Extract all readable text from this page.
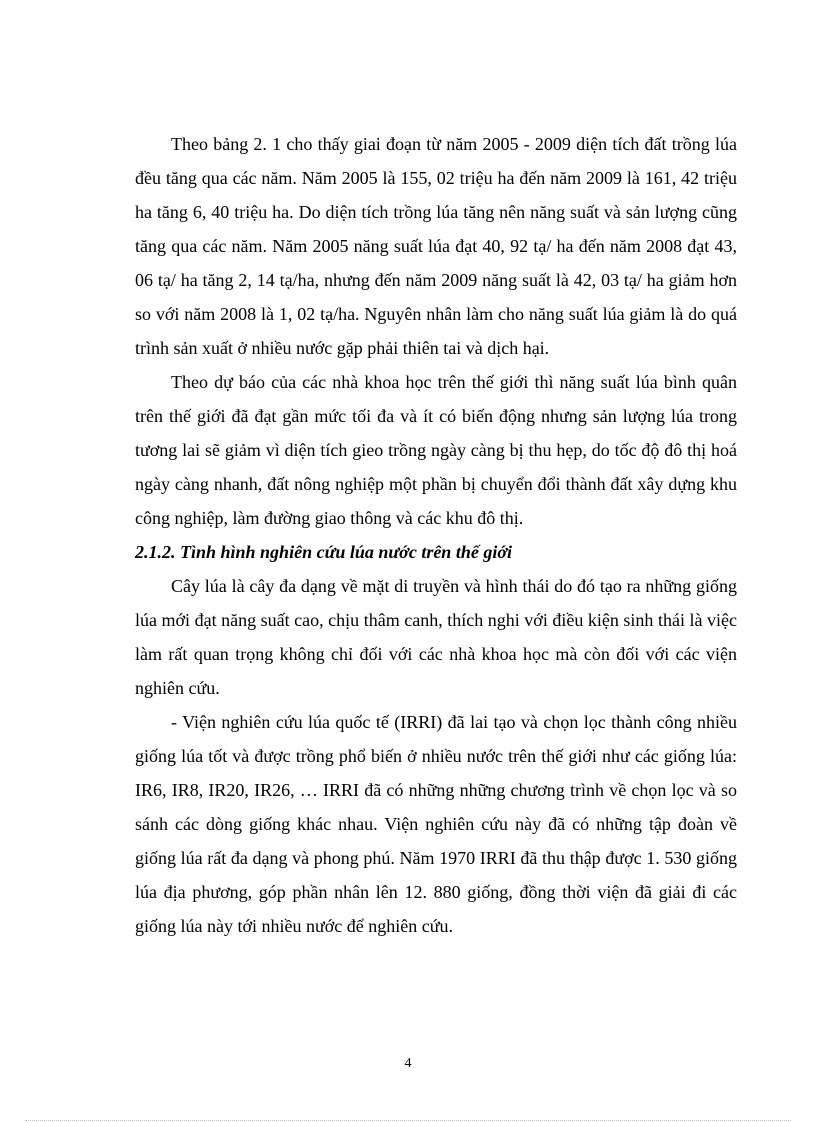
Theo bảng 2. 1 cho thấy giai đoạn từ năm 2005 - 2009 diện tích đất trồng lúa đều tăng qua các năm. Năm 2005 là 155, 02 triệu ha đến năm 2009 là 161, 42 triệu ha tăng 6, 40 triệu ha. Do diện tích trồng lúa tăng nên năng suất và sản lượng cũng tăng qua các năm. Năm 2005 năng suất lúa đạt 40, 92 tạ/ ha đến năm 2008 đạt 43, 06 tạ/ ha tăng 2, 14 tạ/ha, nhưng đến năm 2009 năng suất là 42, 03 tạ/ ha giảm hơn so với năm 2008 là 1, 02 tạ/ha. Nguyên nhân làm cho năng suất lúa giảm là do quá trình sản xuất ở nhiều nước gặp phải thiên tai và dịch hại.

Theo dự báo của các nhà khoa học trên thế giới thì năng suất lúa bình quân trên thế giới đã đạt gần mức tối đa và ít có biến động nhưng sản lượng lúa trong tương lai sẽ giảm vì diện tích gieo trồng ngày càng bị thu hẹp, do tốc độ đô thị hoá ngày càng nhanh, đất nông nghiệp một phần bị chuyển đổi thành đất xây dựng khu công nghiệp, làm đường giao thông và các khu đô thị.

2.1.2. Tình hình nghiên cứu lúa nước trên thế giới

Cây lúa là cây đa dạng về mặt di truyền và hình thái do đó tạo ra những giống lúa mới đạt năng suất cao, chịu thâm canh, thích nghi với điều kiện sinh thái là việc làm rất quan trọng không chỉ đối với các nhà khoa học mà còn đối với các viện nghiên cứu.

- Viện nghiên cứu lúa quốc tế (IRRI) đã lai tạo và chọn lọc thành công nhiều giống lúa tốt và được trồng phổ biến ở nhiều nước trên thế giới như các giống lúa: IR6, IR8, IR20, IR26, … IRRI đã có những những chương trình về chọn lọc và so sánh các dòng giống khác nhau. Viện nghiên cứu này đã có những tập đoàn về giống lúa rất đa dạng và phong phú. Năm 1970 IRRI đã thu thập được 1. 530 giống lúa địa phương, góp phần nhân lên 12. 880 giống, đồng thời viện đã giải đi các giống lúa này tới nhiều nước để nghiên cứu.

4
